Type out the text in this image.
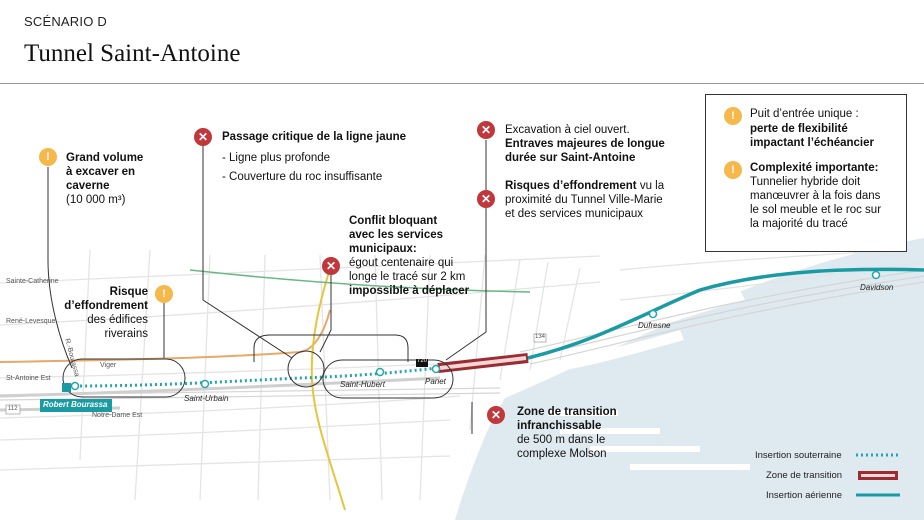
SCÉNARIO D
Tunnel Saint-Antoine
Sainte-Catherine
René-Levesque
St-Antoine Est
Notre-Dame Est
Viger
R.-Bourassa	720
134
112	Robert Bourassa
Saint-Urbain
Saint-Hubert	Panet
Dufresne
Davidson
!
!
✕
✕
✕
✕
✕
Grand volume
à excaver en
caverne
(10 000 m³)
Risque
d’effondrement
des édifices
riverains
Passage critique de la ligne jaune
- Ligne plus profonde
- Couverture du roc insuffisante
Conflit bloquant
avec les services
municipaux:
égout centenaire qui
longe le tracé sur 2 km
impossible à déplacer
Excavation à ciel ouvert.
Entraves majeures de longue
durée sur Saint-Antoine
Risques d’effondrement vu la
proximité du Tunnel Ville-Marie
et des services municipaux
Zone de transition
infranchissable
de 500 m dans le
complexe Molson
!	Puit d’entrée unique :
perte de flexibilité
impactant l’échéancier
!	Complexité importante:
Tunnelier hybride doit
manœuvrer à la fois dans
le sol meuble et le roc sur
la majorité du tracé
Insertion souterraine
Zone de transition
Insertion aérienne
